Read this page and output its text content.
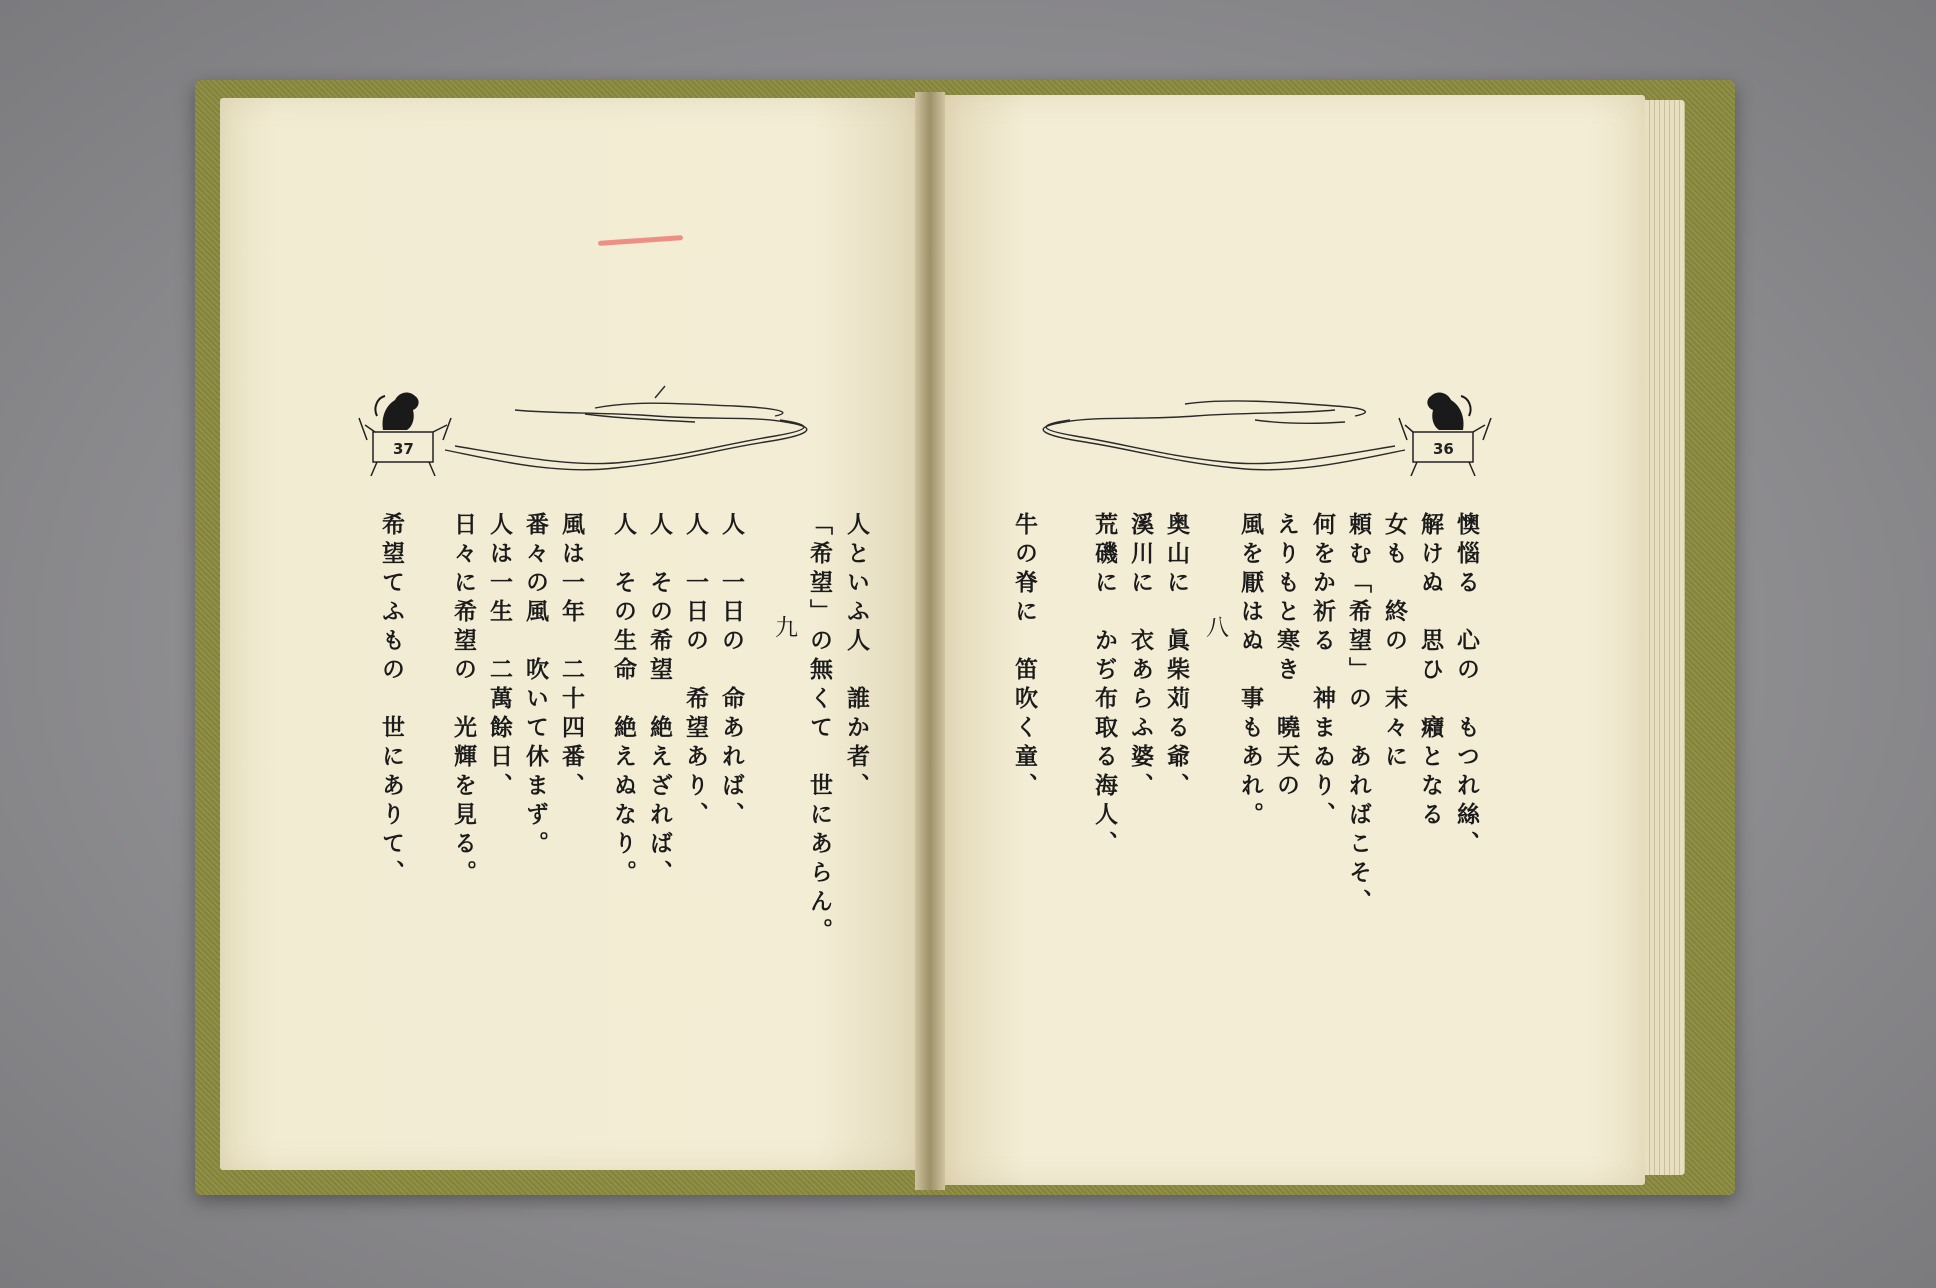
37	36
人といふ人　誰か者、
「希望」の無くて　世にあらん。
九
人　一日の　命あれば、
人　一日の　希望あり、
人　その希望　絶えざれば、
人　その生命　絶えぬなり。
風は一年　二十四番、
番々の風　吹いて休まず。
人は一生　二萬餘日、
日々に希望の　光輝を見る。
希望てふもの　世にありて、	懊惱る　心の　もつれ絲、
解けぬ　思ひ　癪となる
女も　終の　末々に
頼む「希望」の　あればこそ、
何をか祈る　神まゐり、
えりもと寒き　曉天の
風を厭はぬ　事もあれ。
八
奥山に　眞柴苅る爺、
溪川に　衣あらふ婆、
荒磯に　かぢ布取る海人、
牛の脊に　笛吹く童、
